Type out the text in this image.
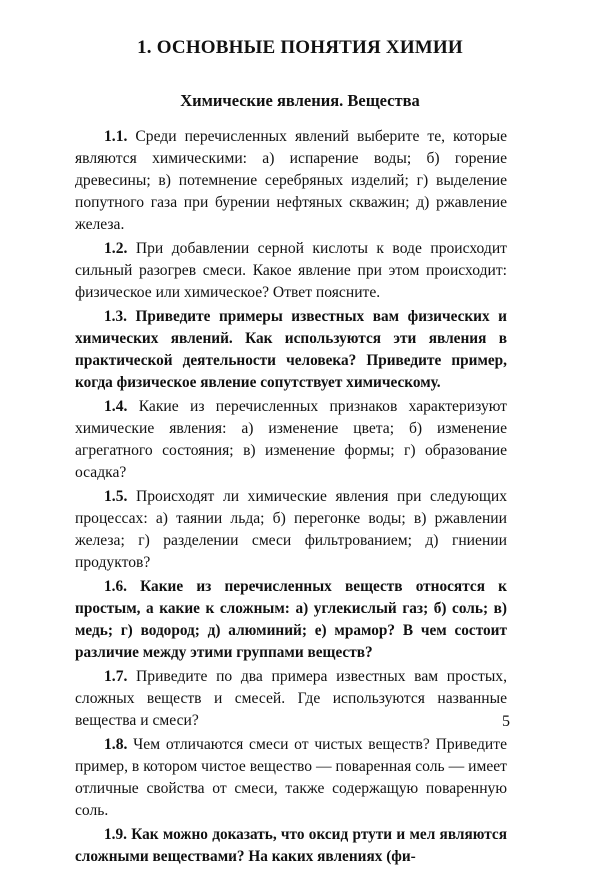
1. ОСНОВНЫЕ ПОНЯТИЯ ХИМИИ
Химические явления. Вещества

1.1. Среди перечисленных явлений выберите те, которые являются химическими: а) испарение воды; б) горение древесины; в) потемнение серебряных изделий; г) выделение попутного газа при бурении нефтяных скважин; д) ржавление железа.

1.2. При добавлении серной кислоты к воде происходит сильный разогрев смеси. Какое явление при этом происходит: физическое или химическое? Ответ поясните.

1.3. Приведите примеры известных вам физических и химических явлений. Как используются эти явления в практической деятельности человека? Приведите пример, когда физическое явление сопутствует химическому.

1.4. Какие из перечисленных признаков характеризуют химические явления: а) изменение цвета; б) изменение агрегатного состояния; в) изменение формы; г) образование осадка?

1.5. Происходят ли химические явления при следующих процессах: а) таянии льда; б) перегонке воды; в) ржавлении железа; г) разделении смеси фильтрованием; д) гниении продуктов?

1.6. Какие из перечисленных веществ относятся к простым, а какие к сложным: а) углекислый газ; б) соль; в) медь; г) водород; д) алюминий; е) мрамор? В чем состоит различие между этими группами веществ?

1.7. Приведите по два примера известных вам простых, сложных веществ и смесей. Где используются названные вещества и смеси?

1.8. Чем отличаются смеси от чистых веществ? Приведите пример, в котором чистое вещество — поваренная соль — имеет отличные свойства от смеси, также содержащую поваренную соль.

1.9. Как можно доказать, что оксид ртути и мел являются сложными веществами? На каких явлениях (фи-

5
